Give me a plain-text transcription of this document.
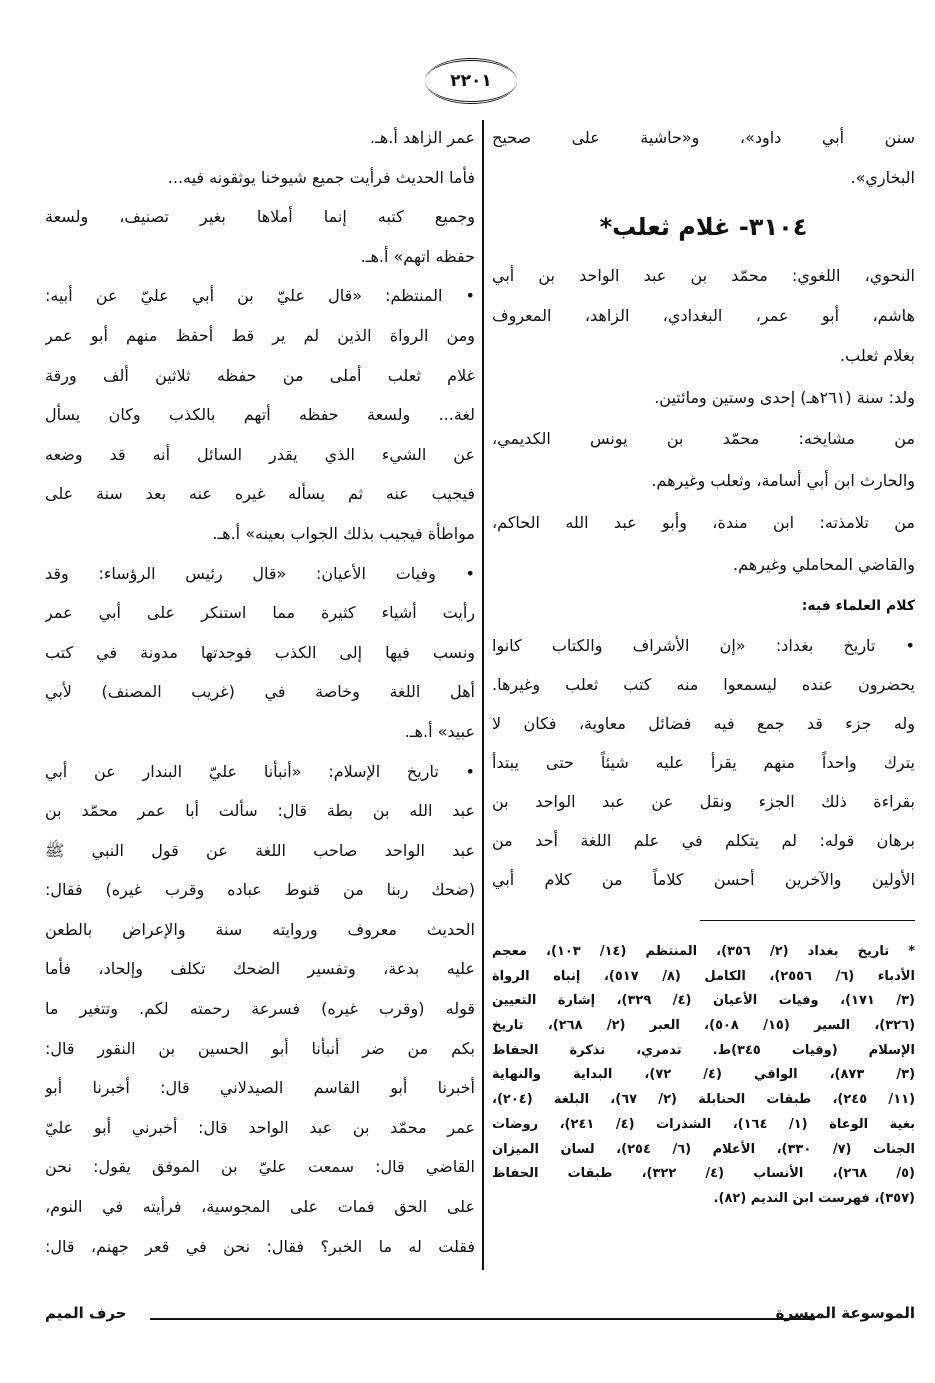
٢٢٠١
سنن أبي داود»، و«حاشية على صحيح
البخاري».
٣١٠٤- غلام ثعلب*
النحوي، اللغوي: محمّد بن عبد الواحد بن أبي
هاشم، أبو عمر، البغدادي، الزاهد، المعروف
بغلام ثعلب.
ولد: سنة (٢٦١هـ) إحدى وستين ومائتين.
من مشايخه: محمّد بن يونس الكديمي،
والحارث ابن أبي أسامة، وثعلب وغيرهم.
من تلامذته: ابن مندة، وأبو عبد الله الحاكم،
والقاضي المحاملي وغيرهم.
كلام العلماء فيه:
• تاريخ بغداد: «إن الأشراف والكتاب كانوا
يحضرون عنده ليسمعوا منه كتب ثعلب وغيرها.
وله جزء قد جمع فيه فضائل معاوية، فكان لا
يترك واحداً منهم يقرأ عليه شيئاً حتى يبتدأ
بقراءة ذلك الجزء ونقل عن عبد الواحد بن
برهان قوله: لم يتكلم في علم اللغة أحد من
الأولين والآخرين أحسن كلاماً من كلام أبي
* تاريخ بغداد (٢/ ٣٥٦)، المنتظم (١٤/ ١٠٣)، معجم
الأدباء (٦/ ٢٥٥٦)، الكامل (٨/ ٥١٧)، إنباه الرواة
(٣/ ١٧١)، وفيات الأعيان (٤/ ٣٢٩)، إشارة التعيين
(٣٢٦)، السير (١٥/ ٥٠٨)، العبر (٢/ ٢٦٨)، تاريخ
الإسلام (وفيات ٣٤٥)ط. تدمري، تذكرة الحفاظ
(٣/ ٨٧٣)، الوافي (٤/ ٧٢)، البداية والنهاية
(١١/ ٢٤٥)، طبقات الحنابلة (٢/ ٦٧)، البلغة (٢٠٤)،
بغية الوعاة (١/ ١٦٤)، الشذرات (٤/ ٢٤١)، روضات
الجنات (٧/ ٣٣٠)، الأعلام (٦/ ٢٥٤)، لسان الميزان
(٥/ ٢٦٨)، الأنساب (٤/ ٣٢٢)، طبقات الحفاظ
(٣٥٧)، فهرست ابن النديم (٨٢).
عمر الزاهد أ.هـ.
فأما الحديث فرأيت جميع شيوخنا يوثقونه فيه...
وجميع كتبه إنما أملاها بغير تصنيف، ولسعة
حفظه اتهم» أ.هـ.
• المنتظم: «قال عليّ بن أبي عليّ عن أبيه:
ومن الرواة الذين لم ير قط أحفظ منهم أبو عمر
غلام ثعلب أملى من حفظه ثلاثين ألف ورقة
لغة... ولسعة حفظه أتهم بالكذب وكان يسأل
عن الشيء الذي يقدر السائل أنه قد وضعه
فيجيب عنه ثم يسأله غيره عنه بعد سنة على
مواطأة فيجيب بذلك الجواب بعينه» أ.هـ.
• وفيات الأعيان: «قال رئيس الرؤساء: وقد
رأيت أشياء كثيرة مما استنكر على أبي عمر
ونسب فيها إلى الكذب فوجدتها مدونة في كتب
أهل اللغة وخاصة في (غريب المصنف) لأبي
عبيد» أ.هـ.
• تاريخ الإسلام: «أنبأنا عليّ البندار عن أبي
عبد الله بن بطة قال: سألت أبا عمر محمّد بن
عبد الواحد صاحب اللغة عن قول النبي ﷺ
(ضحك ربنا من قنوط عباده وقرب غيره) فقال:
الحديث معروف وروايته سنة والإعراض بالطعن
عليه بدعة، وتفسير الضحك تكلف وإلحاد، فأما
قوله (وقرب غيره) فسرعة رحمته لكم. وتتغير ما
بكم من ضر أنبأنا أبو الحسين بن النقور قال:
أخبرنا أبو القاسم الصيدلاني قال: أخبرنا أبو
عمر محمّد بن عبد الواحد قال: أخبرني أبو عليّ
القاضي قال: سمعت عليّ بن الموفق يقول: نحن
على الحق فمات على المجوسية، فرأيته في النوم،
فقلت له ما الخبر؟ فقال: نحن في قعر جهنم، قال:
الموسوعة الميسرة
حرف الميم
